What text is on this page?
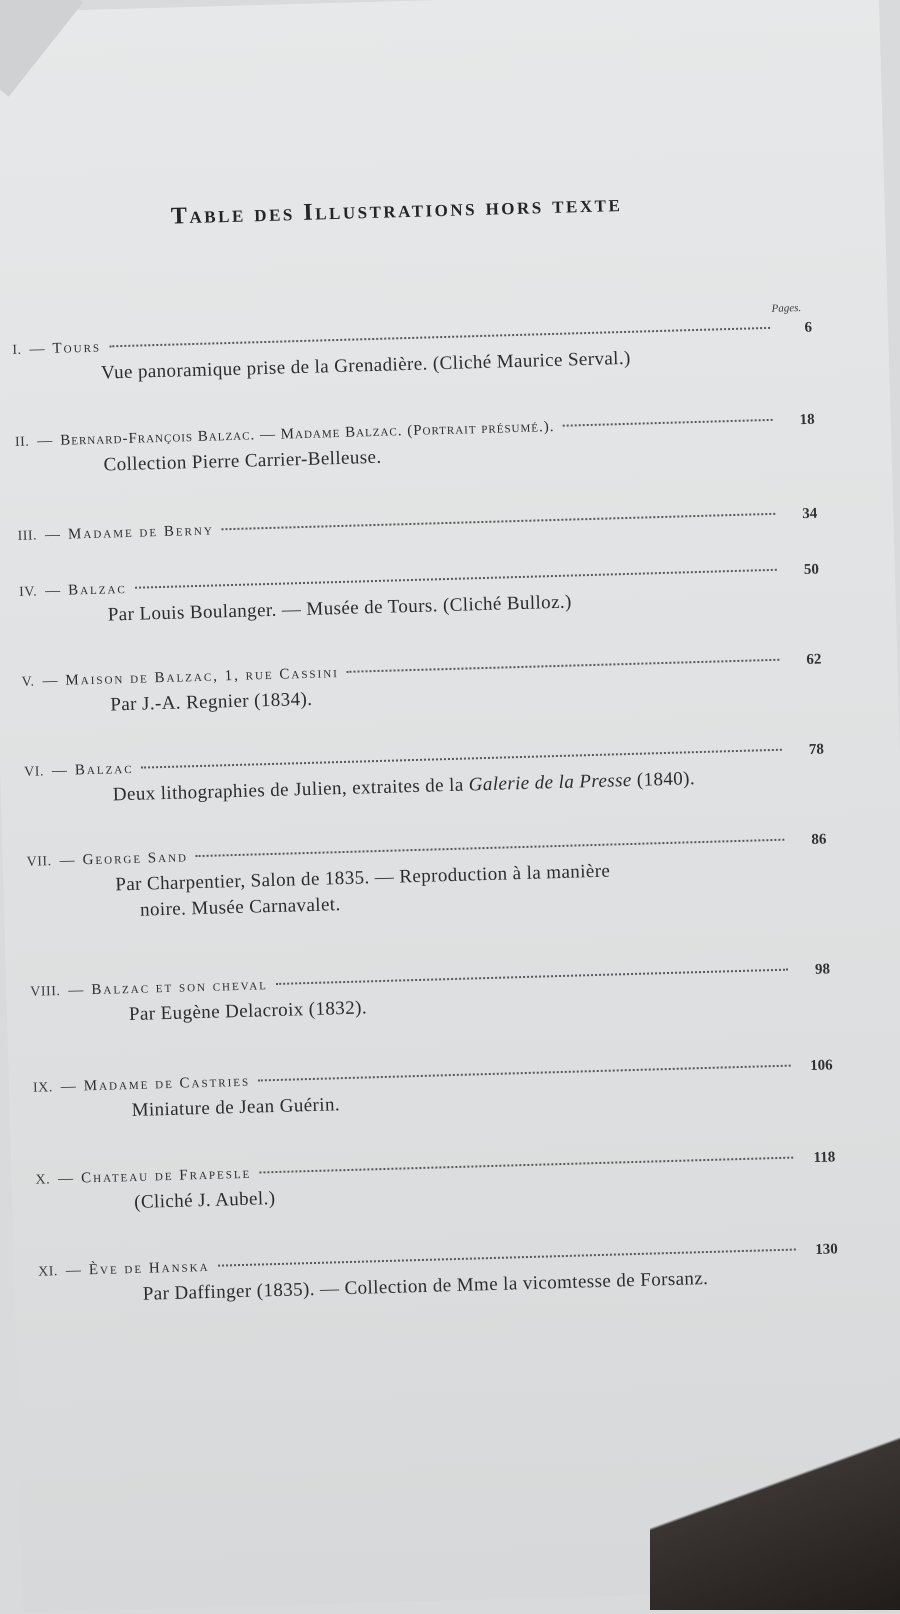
Table des Illustrations hors texte
Pages.
I. — Tours
6
Vue panoramique prise de la Grenadière. (Cliché Maurice Serval.)
II. — Bernard-François Balzac. — Madame Balzac. (Portrait présumé.).	18
Collection Pierre Carrier-Belleuse.
III. — Madame de Berny
34
IV. — Balzac
50
Par Louis Boulanger. — Musée de Tours. (Cliché Bulloz.)
V. — Maison de Balzac, 1, rue Cassini
62
Par J.-A. Regnier (1834).
VI. — Balzac
78
Deux lithographies de Julien, extraites de la Galerie de la Presse (1840).
VII. — George Sand
86
Par Charpentier, Salon de 1835. — Reproduction à la manière
noire. Musée Carnavalet.
VIII. — Balzac et son cheval
98
Par Eugène Delacroix (1832).
IX. — Madame de Castries
106
Miniature de Jean Guérin.
X. — Chateau de Frapesle
118
(Cliché J. Aubel.)
XI. — Ève de Hanska
130
Par Daffinger (1835). — Collection de Mme la vicomtesse de Forsanz.
